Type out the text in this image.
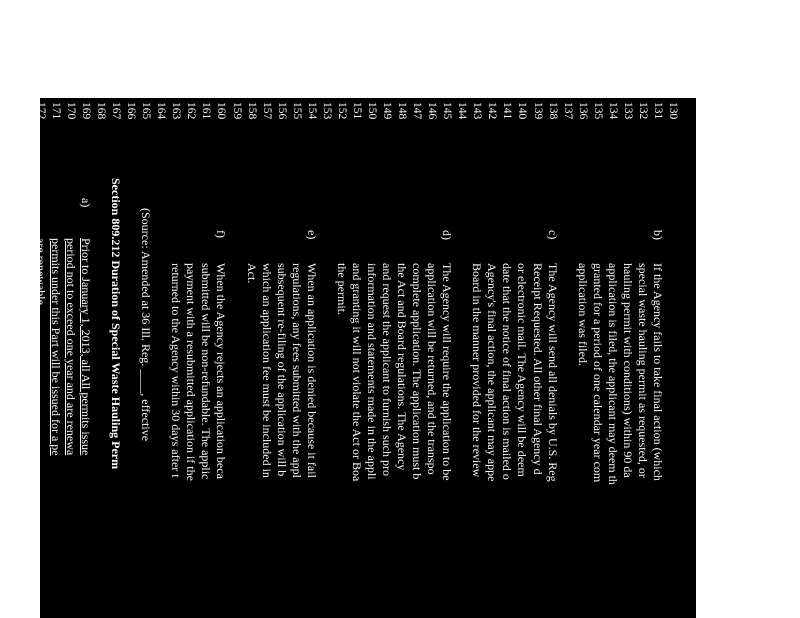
130
131
b)
If the Agency fails to take final action (which
132
special waste hauling permit as requested, or
133
hauling permit with conditions) within 90 da
134
application is filed, the applicant may deem th
135
granted for a period of one calendar year com
136
application was filed.
137
138
c)
The Agency will send all denials by U.S. Reg
139
Receipt Requested. All other final Agency d
140
or electronic mail. The Agency will be deem
141
date that the notice of final action is mailed o
142
Agency's final action, the applicant may appe
143
Board in the manner provided for the review
144
145
d)
The Agency will require the application to be
146
application will be returned, and the transpo
147
complete application. The application must b
148
the Act and Board regulations. The Agency
149
and request the applicant to furnish such pro
150
information and statements made in the appli
151
and granting it will not violate the Act or Boa
152
the permit.
153
154
e)
When an application is denied because it fail
155
regulations, any fees submitted with the appl
156
subsequent re-filing of the application will b
157
which an application fee must be included in
158
Act.
159
160
f)
When the Agency rejects an application beca
161
submitted will be non-refundable. The applic
162
payment with a resubmitted application if the
163
returned to the Agency within 30 days after t
164
165
(Source: Amended at 36 Ill. Reg. ____, effective
166
167
Section 809.212 Duration of Special Waste Hauling Perm
168
169
a)
Prior to January 1, 2013, all All permits issue
170
period not to exceed one year and are renewa
171
permits under this Part will be issued for a pe
172
are renewable.
